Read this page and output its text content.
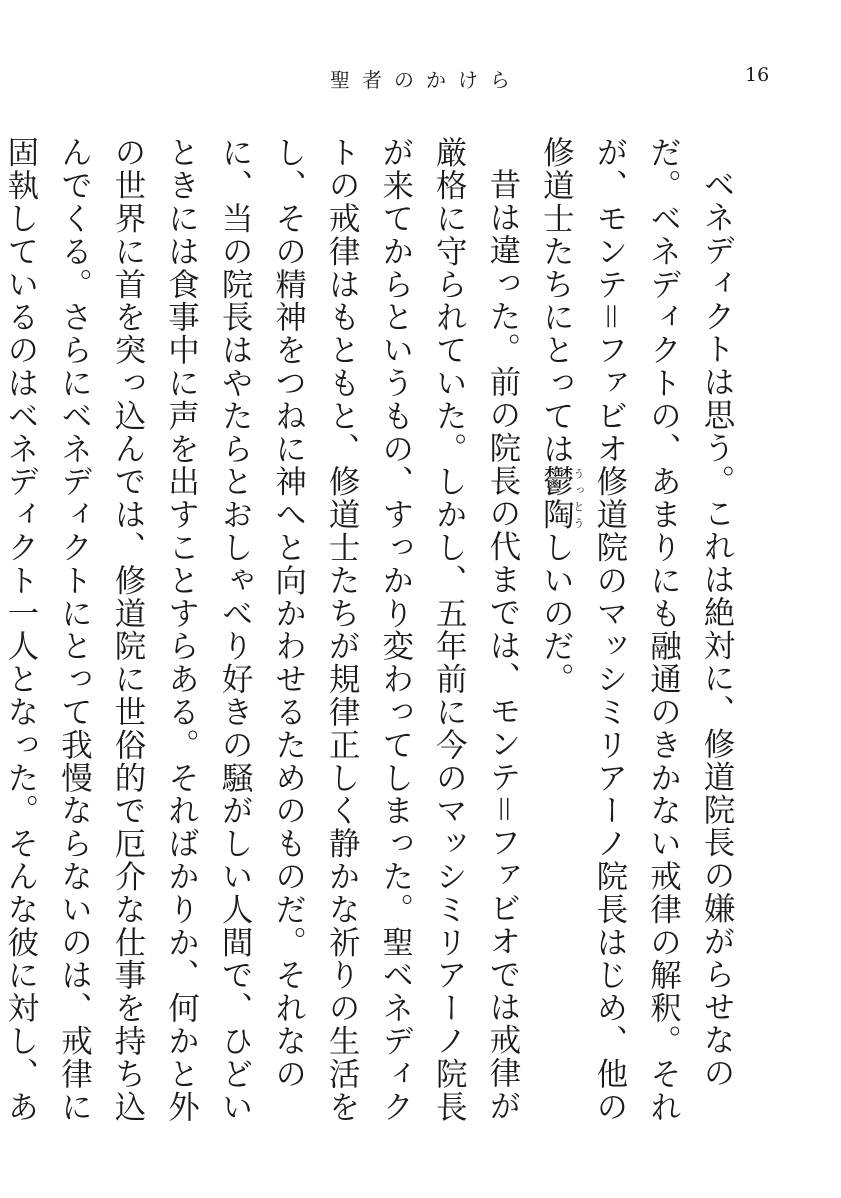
聖者のかけら	16

ベネディクトは思う。これは絶対に、修道院長の嫌がらせなのだ。ベネディクトの、あまりにも融通のきかない戒律の解釈。それが、モンテ＝ファビオ修道院のマッシミリアーノ院長はじめ、他の修道士たちにとっては鬱陶うっとうしいのだ。

昔は違った。前の院長の代までは、モンテ＝ファビオでは戒律が厳格に守られていた。しかし、五年前に今のマッシミリアーノ院長が来てからというもの、すっかり変わってしまった。聖ベネディクトの戒律はもともと、修道士たちが規律正しく静かな祈りの生活をし、その精神をつねに神へと向かわせるためのものだ。それなのに、当の院長はやたらとおしゃべり好きの騒がしい人間で、ひどいときには食事中に声を出すことすらある。そればかりか、何かと外の世界に首を突っ込んでは、修道院に世俗的で厄介な仕事を持ち込んでくる。さらにベネディクトにとって我慢ならないのは、戒律に固執しているのはベネディクト一人となった。そんな彼に対し、あ
